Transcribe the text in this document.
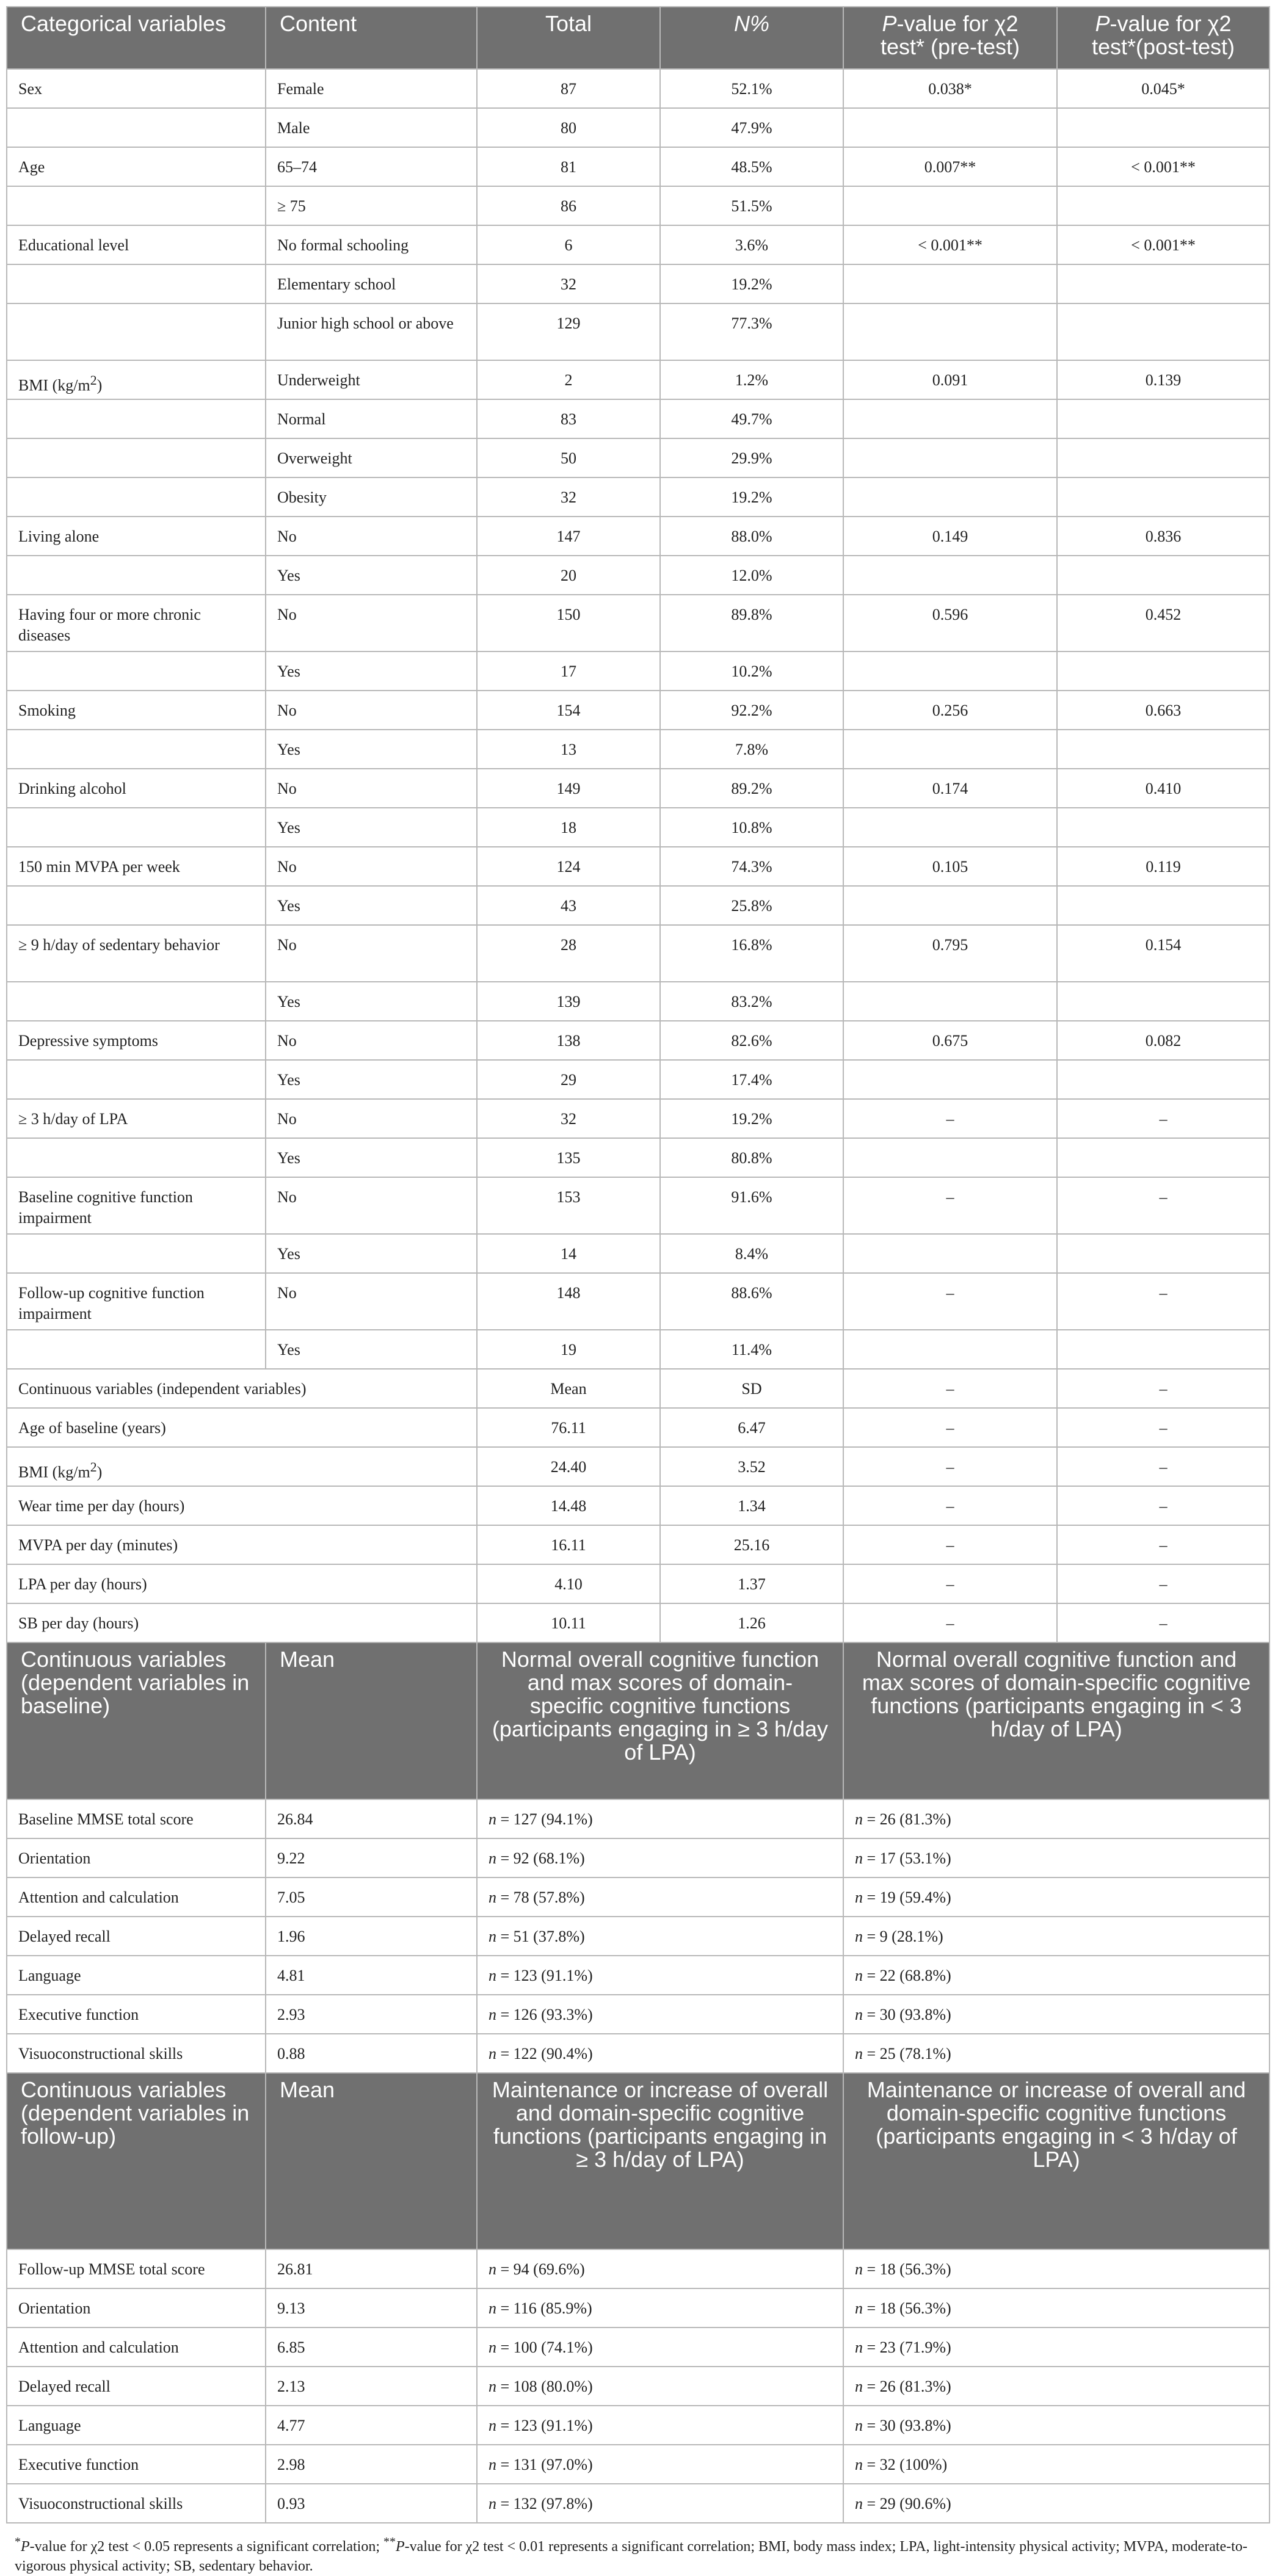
Categorical variables	Content	Total	N%	P-value for χ2 test* (pre-test)	P-value for χ2 test*(post-test)
Sex	Female	87	52.1%	0.038*	0.045*
	Male	80	47.9%		
Age	65–74	81	48.5%	0.007**	< 0.001**
	≥ 75	86	51.5%		
Educational level	No formal schooling	6	3.6%	< 0.001**	< 0.001**
	Elementary school	32	19.2%		
	Junior high school or above	129	77.3%		
BMI $(kg/m^2)$	Underweight	2	1.2%	0.091	0.139
	Normal	83	49.7%		
	Overweight	50	29.9%		
	Obesity	32	19.2%		
Living alone	No	147	88.0%	0.149	0.836
	Yes	20	12.0%		
Having four or more chronic diseases	No	150	89.8%	0.596	0.452
	Yes	17	10.2%		
Smoking	No	154	92.2%	0.256	0.663
	Yes	13	7.8%		
Drinking alcohol	No	149	89.2%	0.174	0.410
	Yes	18	10.8%		
150 min MVPA per week	No	124	74.3%	0.105	0.119
	Yes	43	25.8%		
≥ 9 h/day of sedentary behavior	No	28	16.8%	0.795	0.154
	Yes	139	83.2%		
Depressive symptoms	No	138	82.6%	0.675	0.082
	Yes	29	17.4%		
≥ 3 h/day of LPA	No	32	19.2%	–	–
	Yes	135	80.8%		
Baseline cognitive function impairment	No	153	91.6%	–	–
	Yes	14	8.4%		
Follow-up cognitive function impairment	No	148	88.6%	–	–
	Yes	19	11.4%		
Continuous variables (independent variables)		Mean	SD	–	–
Age of baseline (years)		76.11	6.47	–	–
BMI $(kg/m^2)$		24.40	3.52	–	–
Wear time per day (hours)		14.48	1.34	–	–
MVPA per day (minutes)		16.11	25.16	–	–
LPA per day (hours)		4.10	1.37	–	–
SB per day (hours)		10.11	1.26	–	–
Continuous variables (dependent variables in baseline)	Mean	Normal overall cognitive function and max scores of domain-specific cognitive functions (participants engaging in ≥ 3 h/day of LPA)		Normal overall cognitive function and max scores of domain-specific cognitive functions (participants engaging in < 3 h/day of LPA)	
Baseline MMSE total score	26.84	n = 127 (94.1%)		n = 26 (81.3%)	
Orientation	9.22	n = 92 (68.1%)		n = 17 (53.1%)	
Attention and calculation	7.05	n = 78 (57.8%)		n = 19 (59.4%)	
Delayed recall	1.96	n = 51 (37.8%)		n = 9 (28.1%)	
Language	4.81	n = 123 (91.1%)		n = 22 (68.8%)	
Executive function	2.93	n = 126 (93.3%)		n = 30 (93.8%)	
Visuoconstructional skills	0.88	n = 122 (90.4%)		n = 25 (78.1%)	
Continuous variables (dependent variables in follow-up)	Mean	Maintenance or increase of overall and domain-specific cognitive functions (participants engaging in ≥ 3 h/day of LPA)		Maintenance or increase of overall and domain-specific cognitive functions (participants engaging in < 3 h/day of LPA)	
Follow-up MMSE total score	26.81	n = 94 (69.6%)		n = 18 (56.3%)	
Orientation	9.13	n = 116 (85.9%)		n = 18 (56.3%)	
Attention and calculation	6.85	n = 100 (74.1%)		n = 23 (71.9%)	
Delayed recall	2.13	n = 108 (80.0%)		n = 26 (81.3%)	
Language	4.77	n = 123 (91.1%)		n = 30 (93.8%)	
Executive function	2.98	n = 131 (97.0%)		n = 32 (100%)	
Visuoconstructional skills	0.93	n = 132 (97.8%)		n = 29 (90.6%)	
*P-value for χ2 test < 0.05 represents a significant correlation; **P-value for χ2 test < 0.01 represents a significant correlation; BMI, body mass index; LPA, light-intensity physical activity; MVPA, moderate-to-vigorous physical activity; SB, sedentary behavior.
